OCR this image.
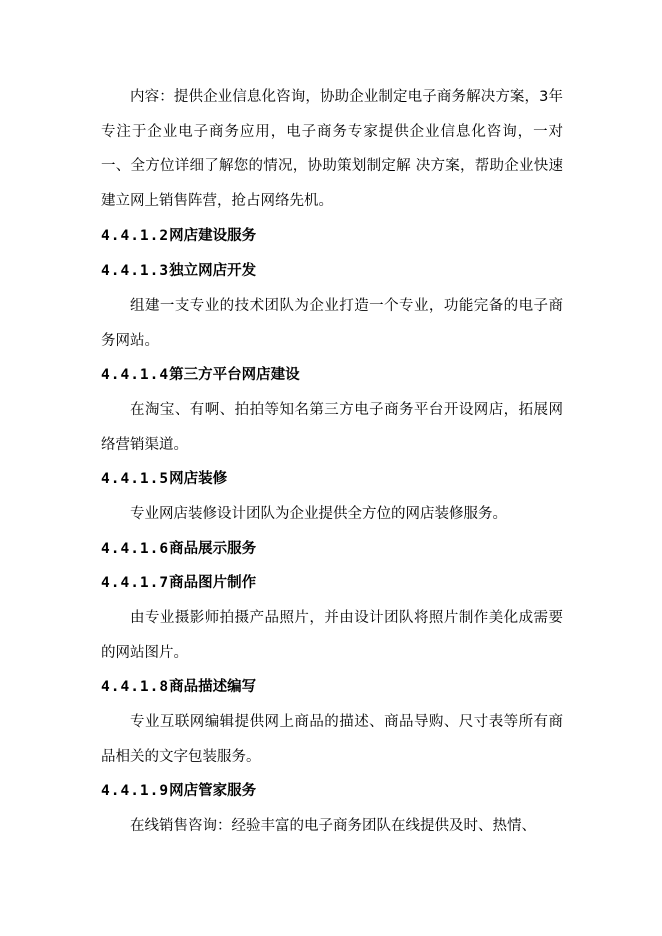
内容：提供企业信息化咨询，协助企业制定电子商务解决方案，3年专注于企业电子商务应用，电子商务专家提供企业信息化咨询，一对一、全方位详细了解您的情况，协助策划制定解 决方案，帮助企业快速建立网上销售阵营，抢占网络先机。

4.4.1.2网店建设服务

4.4.1.3独立网店开发

组建一支专业的技术团队为企业打造一个专业，功能完备的电子商务网站。

4.4.1.4第三方平台网店建设

在淘宝、有啊、拍拍等知名第三方电子商务平台开设网店，拓展网络营销渠道。

4.4.1.5网店装修

专业网店装修设计团队为企业提供全方位的网店装修服务。

4.4.1.6商品展示服务

4.4.1.7商品图片制作

由专业摄影师拍摄产品照片，并由设计团队将照片制作美化成需要的网站图片。

4.4.1.8商品描述编写

专业互联网编辑提供网上商品的描述、商品导购、尺寸表等所有商品相关的文字包装服务。

4.4.1.9网店管家服务

在线销售咨询：经验丰富的电子商务团队在线提供及时、热情、
